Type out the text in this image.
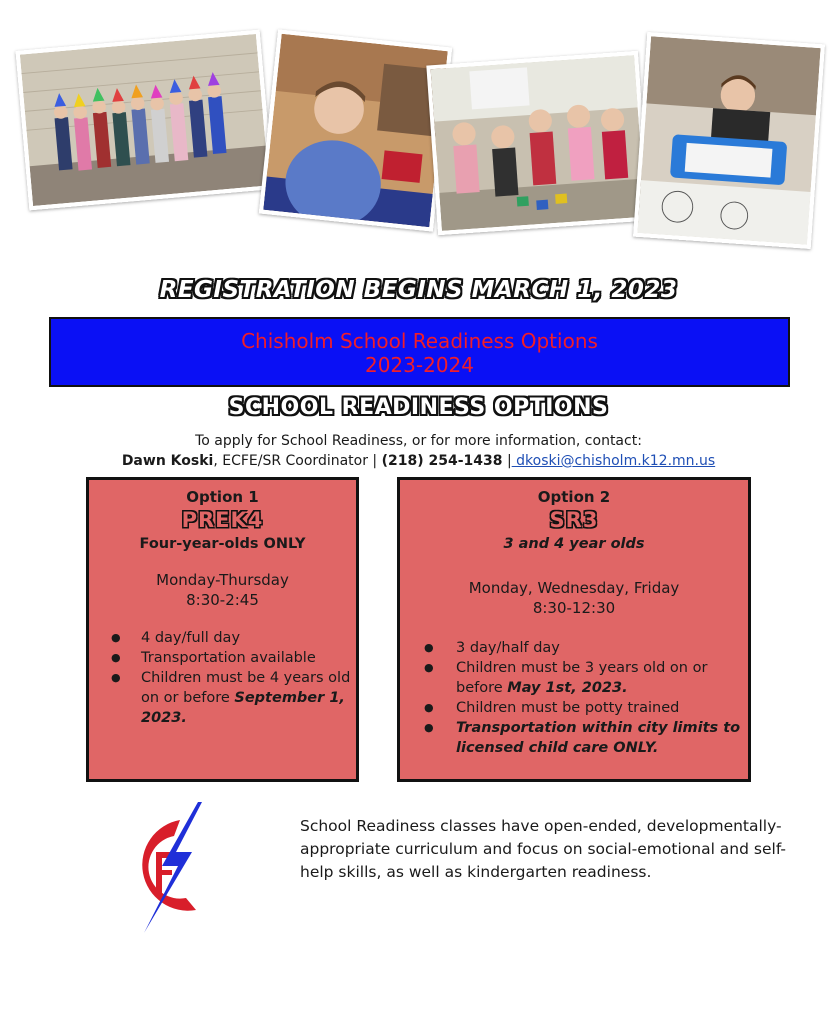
REGISTRATION BEGINS MARCH 1, 2023
Chisholm School Readiness Options
2023-2024
SCHOOL READINESS OPTIONS
To apply for School Readiness, or for more information, contact:
Dawn Koski, ECFE/SR Coordinator | (218) 254-1438 | dkoski@chisholm.k12.mn.us
Option 1
PREK4
Four-year-olds ONLY
Monday-Thursday
8:30-2:45
● 4 day/full day
● Transportation available
● Children must be 4 years old on or before September 1, 2023.
Option 2
SR3
3 and 4 year olds
Monday, Wednesday, Friday
8:30-12:30
● 3 day/half day
● Children must be 3 years old on or before May 1st, 2023.
● Children must be potty trained
● Transportation within city limits to licensed child care ONLY.
School Readiness classes have open-ended, developmentally-appropriate curriculum and focus on social-emotional and self-help skills, as well as kindergarten readiness.
